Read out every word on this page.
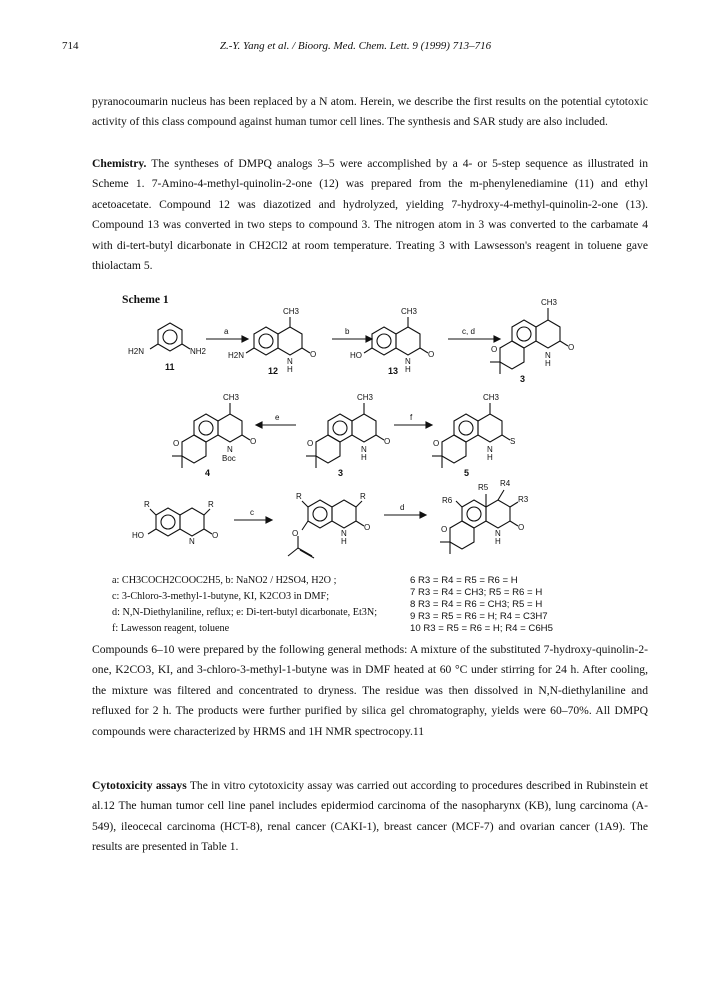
714	Z.-Y. Yang et al. / Bioorg. Med. Chem. Lett. 9 (1999) 713–716
pyranocoumarin nucleus has been replaced by a N atom. Herein, we describe the first results on the potential cytotoxic activity of this class compound against human tumor cell lines. The synthesis and SAR study are also included.
Chemistry. The syntheses of DMPQ analogs 3–5 were accomplished by a 4- or 5-step sequence as illustrated in Scheme 1. 7-Amino-4-methyl-quinolin-2-one (12) was prepared from the m-phenylenediamine (11) and ethyl acetoacetate. Compound 12 was diazotized and hydrolyzed, yielding 7-hydroxy-4-methyl-quinolin-2-one (13). Compound 13 was converted in two steps to compound 3. The nitrogen atom in 3 was converted to the carbamate 4 with di-tert-butyl dicarbonate in CH2Cl2 at room temperature. Treating 3 with Lawsesson's reagent in toluene gave thiolactam 5.
Scheme 1
H2N	NH2
11
a
CH3
O
N
H
H2N
12
b
CH3
O
N
H
HO
13
c, d
CH3
O
N
H
O
3
CH3
O
N
Boc
O
4
e
CH3
O
N
H
O
3
f
CH3
S
N
H
O
5
R	R
O
N
HO
c
R	R
O
N
H
O
d
R5 R4
R3
R6
O
N
H
O
a: CH3COCH2COOC2H5, b: NaNO2 / H2SO4, H2O ;
c: 3-Chloro-3-methyl-1-butyne, KI, K2CO3 in DMF;
d: N,N-Diethylaniline, reflux; e: Di-tert-butyl dicarbonate, Et3N;
f: Lawesson reagent, toluene
6 R3 = R4 = R5 = R6 = H
7 R3 = R4 = CH3; R5 = R6 = H
8 R3 = R4 = R6 = CH3; R5 = H
9 R3 = R5 = R6 = H; R4 = C3H7
10 R3 = R5 = R6 = H; R4 = C6H5
Compounds 6–10 were prepared by the following general methods: A mixture of the substituted 7-hydroxy-quinolin-2-one, K2CO3, KI, and 3-chloro-3-methyl-1-butyne was in DMF heated at 60 °C under stirring for 24 h. After cooling, the mixture was filtered and concentrated to dryness. The residue was then dissolved in N,N-diethylaniline and refluxed for 2 h. The products were further purified by silica gel chromatography, yields were 60–70%. All DMPQ compounds were characterized by HRMS and 1H NMR spectrocopy.11
Cytotoxicity assays The in vitro cytotoxicity assay was carried out according to procedures described in Rubinstein et al.12 The human tumor cell line panel includes epidermiod carcinoma of the nasopharynx (KB), lung carcinoma (A-549), ileocecal carcinoma (HCT-8), renal cancer (CAKI-1), breast cancer (MCF-7) and ovarian cancer (1A9). The results are presented in Table 1.
